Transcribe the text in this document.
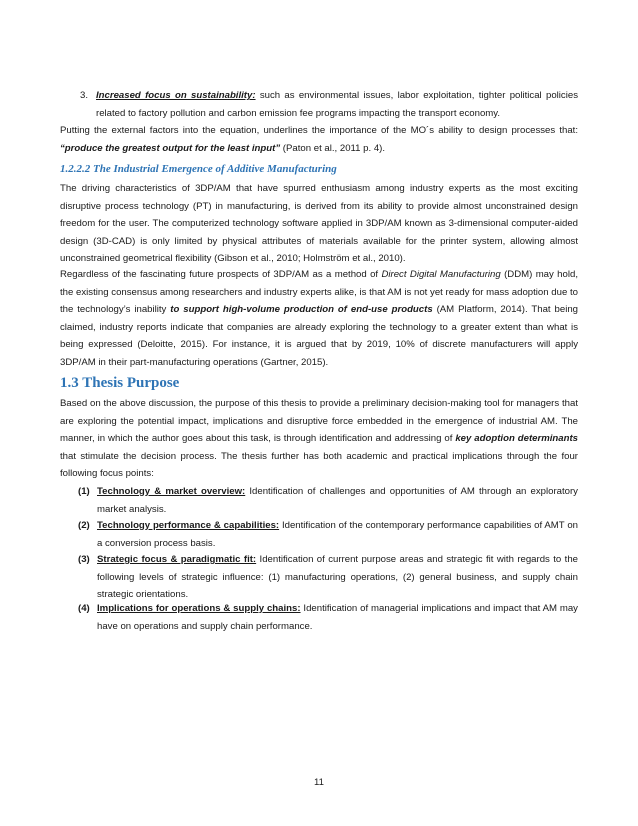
3. Increased focus on sustainability: such as environmental issues, labor exploitation, tighter political policies related to factory pollution and carbon emission fee programs impacting the transport economy.
Putting the external factors into the equation, underlines the importance of the MO´s ability to design processes that: “produce the greatest output for the least input” (Paton et al., 2011 p. 4).
1.2.2.2 The Industrial Emergence of Additive Manufacturing
The driving characteristics of 3DP/AM that have spurred enthusiasm among industry experts as the most exciting disruptive process technology (PT) in manufacturing, is derived from its ability to provide almost unconstrained design freedom for the user. The computerized technology software applied in 3DP/AM known as 3-dimensional computer-aided design (3D-CAD) is only limited by physical attributes of materials available for the printer system, allowing almost unconstrained geometrical flexibility (Gibson et al., 2010; Holmström et al., 2010).
Regardless of the fascinating future prospects of 3DP/AM as a method of Direct Digital Manufacturing (DDM) may hold, the existing consensus among researchers and industry experts alike, is that AM is not yet ready for mass adoption due to the technology’s inability to support high-volume production of end-use products (AM Platform, 2014). That being claimed, industry reports indicate that companies are already exploring the technology to a greater extent than what is being expressed (Deloitte, 2015). For instance, it is argued that by 2019, 10% of discrete manufacturers will apply 3DP/AM in their part-manufacturing operations (Gartner, 2015).
1.3 Thesis Purpose
Based on the above discussion, the purpose of this thesis to provide a preliminary decision-making tool for managers that are exploring the potential impact, implications and disruptive force embedded in the emergence of industrial AM. The manner, in which the author goes about this task, is through identification and addressing of key adoption determinants that stimulate the decision process. The thesis further has both academic and practical implications through the four following focus points:
(1) Technology & market overview: Identification of challenges and opportunities of AM through an exploratory market analysis.
(2) Technology performance & capabilities: Identification of the contemporary performance capabilities of AMT on a conversion process basis.
(3) Strategic focus & paradigmatic fit: Identification of current purpose areas and strategic fit with regards to the following levels of strategic influence: (1) manufacturing operations, (2) general business, and supply chain strategic orientations.
(4) Implications for operations & supply chains: Identification of managerial implications and impact that AM may have on operations and supply chain performance.
11
